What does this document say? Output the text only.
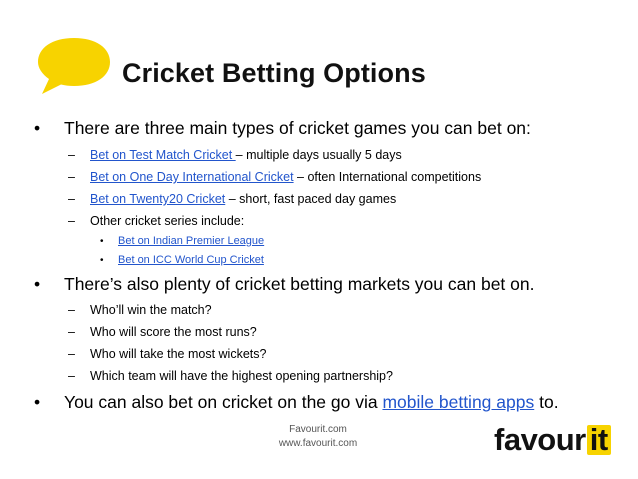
Cricket Betting Options
• There are three main types of cricket games you can bet on:
– Bet on Test Match Cricket – multiple days usually 5 days
– Bet on One Day International Cricket – often International competitions
– Bet on Twenty20 Cricket – short, fast paced day games
– Other cricket series include:
• Bet on Indian Premier League
• Bet on ICC World Cup Cricket
• There’s also plenty of cricket betting markets you can bet on.
– Who’ll win the match?
– Who will score the most runs?
– Who will take the most wickets?
– Which team will have the highest opening partnership?
• You can also bet on cricket on the go via mobile betting apps to.
Favourit.com
www.favourit.com	favour it
